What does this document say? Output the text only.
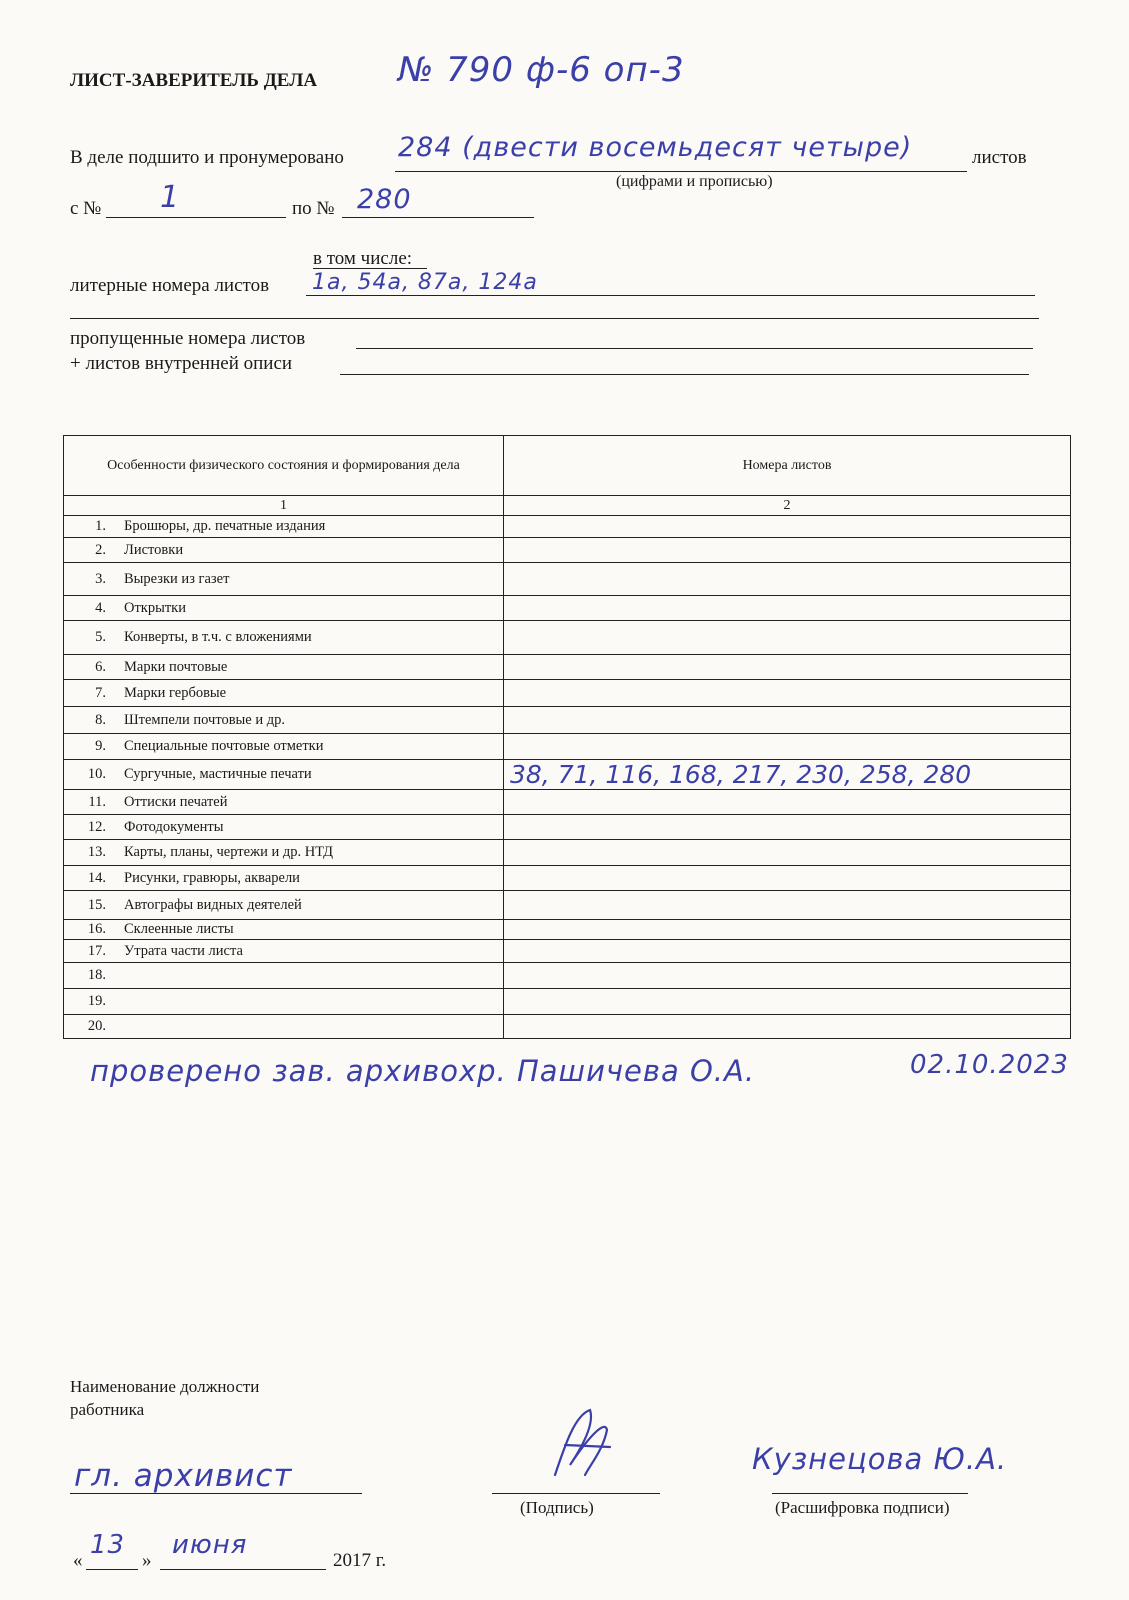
ЛИСТ-ЗАВЕРИТЕЛЬ ДЕЛА № 790 ф-6 оп-3
В деле подшито и пронумеровано 284 (двести восемьдесят четыре)	листов
(цифрами и прописью)
с № 1	по № 280
в том числе:
литерные номера листов 1а, 54а, 87а, 124а
пропущенные номера листов
+ листов внутренней описи
Особенности физического состояния и формирования дела	Номера листов
1	2
1. Брошюры, др. печатные издания	
2. Листовки	
3. Вырезки из газет	
4. Открытки	
5. Конверты, в т.ч. с вложениями	
6. Марки почтовые	
7. Марки гербовые	
8. Штемпели почтовые и др.	
9. Специальные почтовые отметки	
10. Сургучные, мастичные печати	38, 71, 116, 168, 217, 230, 258, 280
11. Оттиски печатей	
12. Фотодокументы	
13. Карты, планы, чертежи и др. НТД	
14. Рисунки, гравюры, акварели	
15. Автографы видных деятелей	
16. Склеенные листы	
17. Утрата части листа	
18.	
19.	
20.	
проверено зав. архивохр. Пашичева О.А.	02.10.2023
Наименование должности
работника
гл. архивист
(Подпись)
Кузнецова Ю.А.
(Расшифровка подписи)
«
13
»
июня
2017 г.
